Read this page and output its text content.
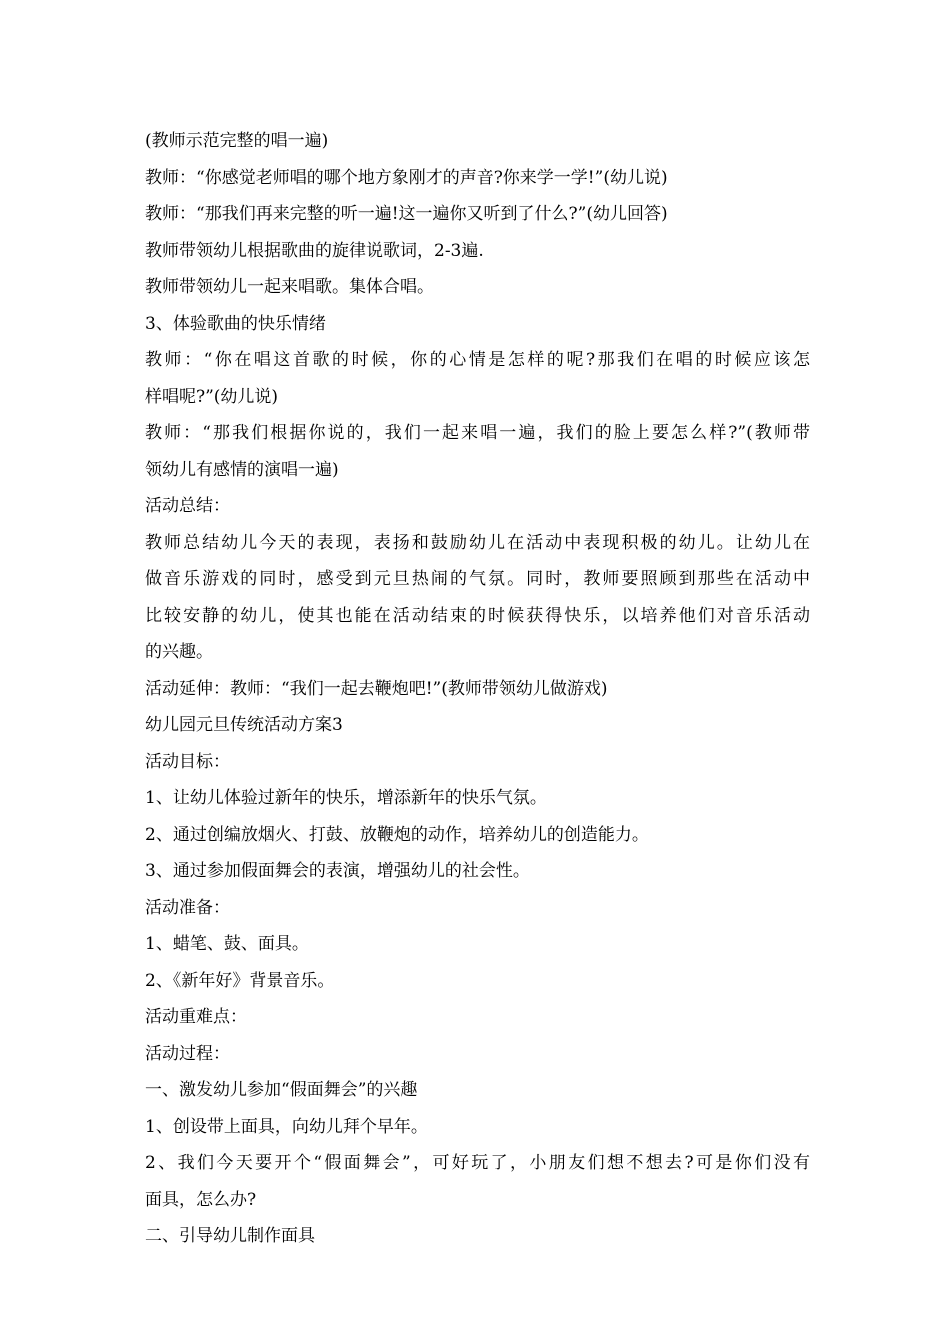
(教师示范完整的唱一遍)
教师：“你感觉老师唱的哪个地方象刚才的声音?你来学一学!”(幼儿说)
教师：“那我们再来完整的听一遍!这一遍你又听到了什么?”(幼儿回答)
教师带领幼儿根据歌曲的旋律说歌词，2-3遍.
教师带领幼儿一起来唱歌。集体合唱。
3、体验歌曲的快乐情绪
教师：“你在唱这首歌的时候，你的心情是怎样的呢?那我们在唱的时候应该怎
样唱呢?”(幼儿说)
教师：“那我们根据你说的，我们一起来唱一遍，我们的脸上要怎么样?”(教师带
领幼儿有感情的演唱一遍)
活动总结：
教师总结幼儿今天的表现，表扬和鼓励幼儿在活动中表现积极的幼儿。让幼儿在
做音乐游戏的同时，感受到元旦热闹的气氛。同时，教师要照顾到那些在活动中
比较安静的幼儿，使其也能在活动结束的时候获得快乐，以培养他们对音乐活动
的兴趣。
活动延伸：教师：“我们一起去鞭炮吧!”(教师带领幼儿做游戏)
幼儿园元旦传统活动方案3
活动目标：
1、让幼儿体验过新年的快乐，增添新年的快乐气氛。
2、通过创编放烟火、打鼓、放鞭炮的动作，培养幼儿的创造能力。
3、通过参加假面舞会的表演，增强幼儿的社会性。
活动准备：
1、蜡笔、鼓、面具。
2、《新年好》背景音乐。
活动重难点：
活动过程：
一、激发幼儿参加“假面舞会”的兴趣
1、创设带上面具，向幼儿拜个早年。
2、我们今天要开个“假面舞会”，可好玩了，小朋友们想不想去?可是你们没有
面具，怎么办?
二、引导幼儿制作面具
